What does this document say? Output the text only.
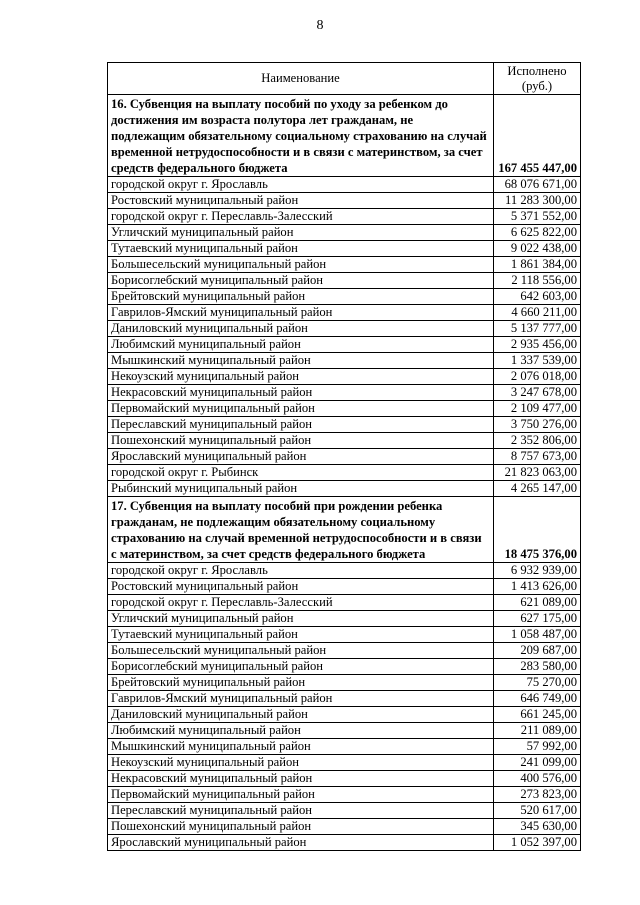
8
Наименование	Исполнено (руб.)
16. Субвенция на выплату пособий по уходу за ребенком до достижения им возраста полутора лет гражданам, не подлежащим обязательному социальному страхованию на случай временной нетрудоспособности и в связи с материнством, за счет средств федерального бюджета	167 455 447,00
городской округ г. Ярославль	68 076 671,00
Ростовский муниципальный район	11 283 300,00
городской округ г. Переславль-Залесский	5 371 552,00
Угличский муниципальный район	6 625 822,00
Тутаевский муниципальный район	9 022 438,00
Большесельский муниципальный район	1 861 384,00
Борисоглебский муниципальный район	2 118 556,00
Брейтовский муниципальный район	642 603,00
Гаврилов-Ямский муниципальный район	4 660 211,00
Даниловский муниципальный район	5 137 777,00
Любимский муниципальный район	2 935 456,00
Мышкинский муниципальный район	1 337 539,00
Некоузский муниципальный район	2 076 018,00
Некрасовский муниципальный район	3 247 678,00
Первомайский муниципальный район	2 109 477,00
Переславский муниципальный район	3 750 276,00
Пошехонский муниципальный район	2 352 806,00
Ярославский муниципальный район	8 757 673,00
городской округ г. Рыбинск	21 823 063,00
Рыбинский муниципальный район	4 265 147,00
17. Субвенция на выплату пособий при рождении ребенка гражданам, не подлежащим обязательному социальному страхованию на случай временной нетрудоспособности и в связи с материнством, за счет средств федерального бюджета	18 475 376,00
городской округ г. Ярославль	6 932 939,00
Ростовский муниципальный район	1 413 626,00
городской округ г. Переславль-Залесский	621 089,00
Угличский муниципальный район	627 175,00
Тутаевский муниципальный район	1 058 487,00
Большесельский муниципальный район	209 687,00
Борисоглебский муниципальный район	283 580,00
Брейтовский муниципальный район	75 270,00
Гаврилов-Ямский муниципальный район	646 749,00
Даниловский муниципальный район	661 245,00
Любимский муниципальный район	211 089,00
Мышкинский муниципальный район	57 992,00
Некоузский муниципальный район	241 099,00
Некрасовский муниципальный район	400 576,00
Первомайский муниципальный район	273 823,00
Переславский муниципальный район	520 617,00
Пошехонский муниципальный район	345 630,00
Ярославский муниципальный район	1 052 397,00
